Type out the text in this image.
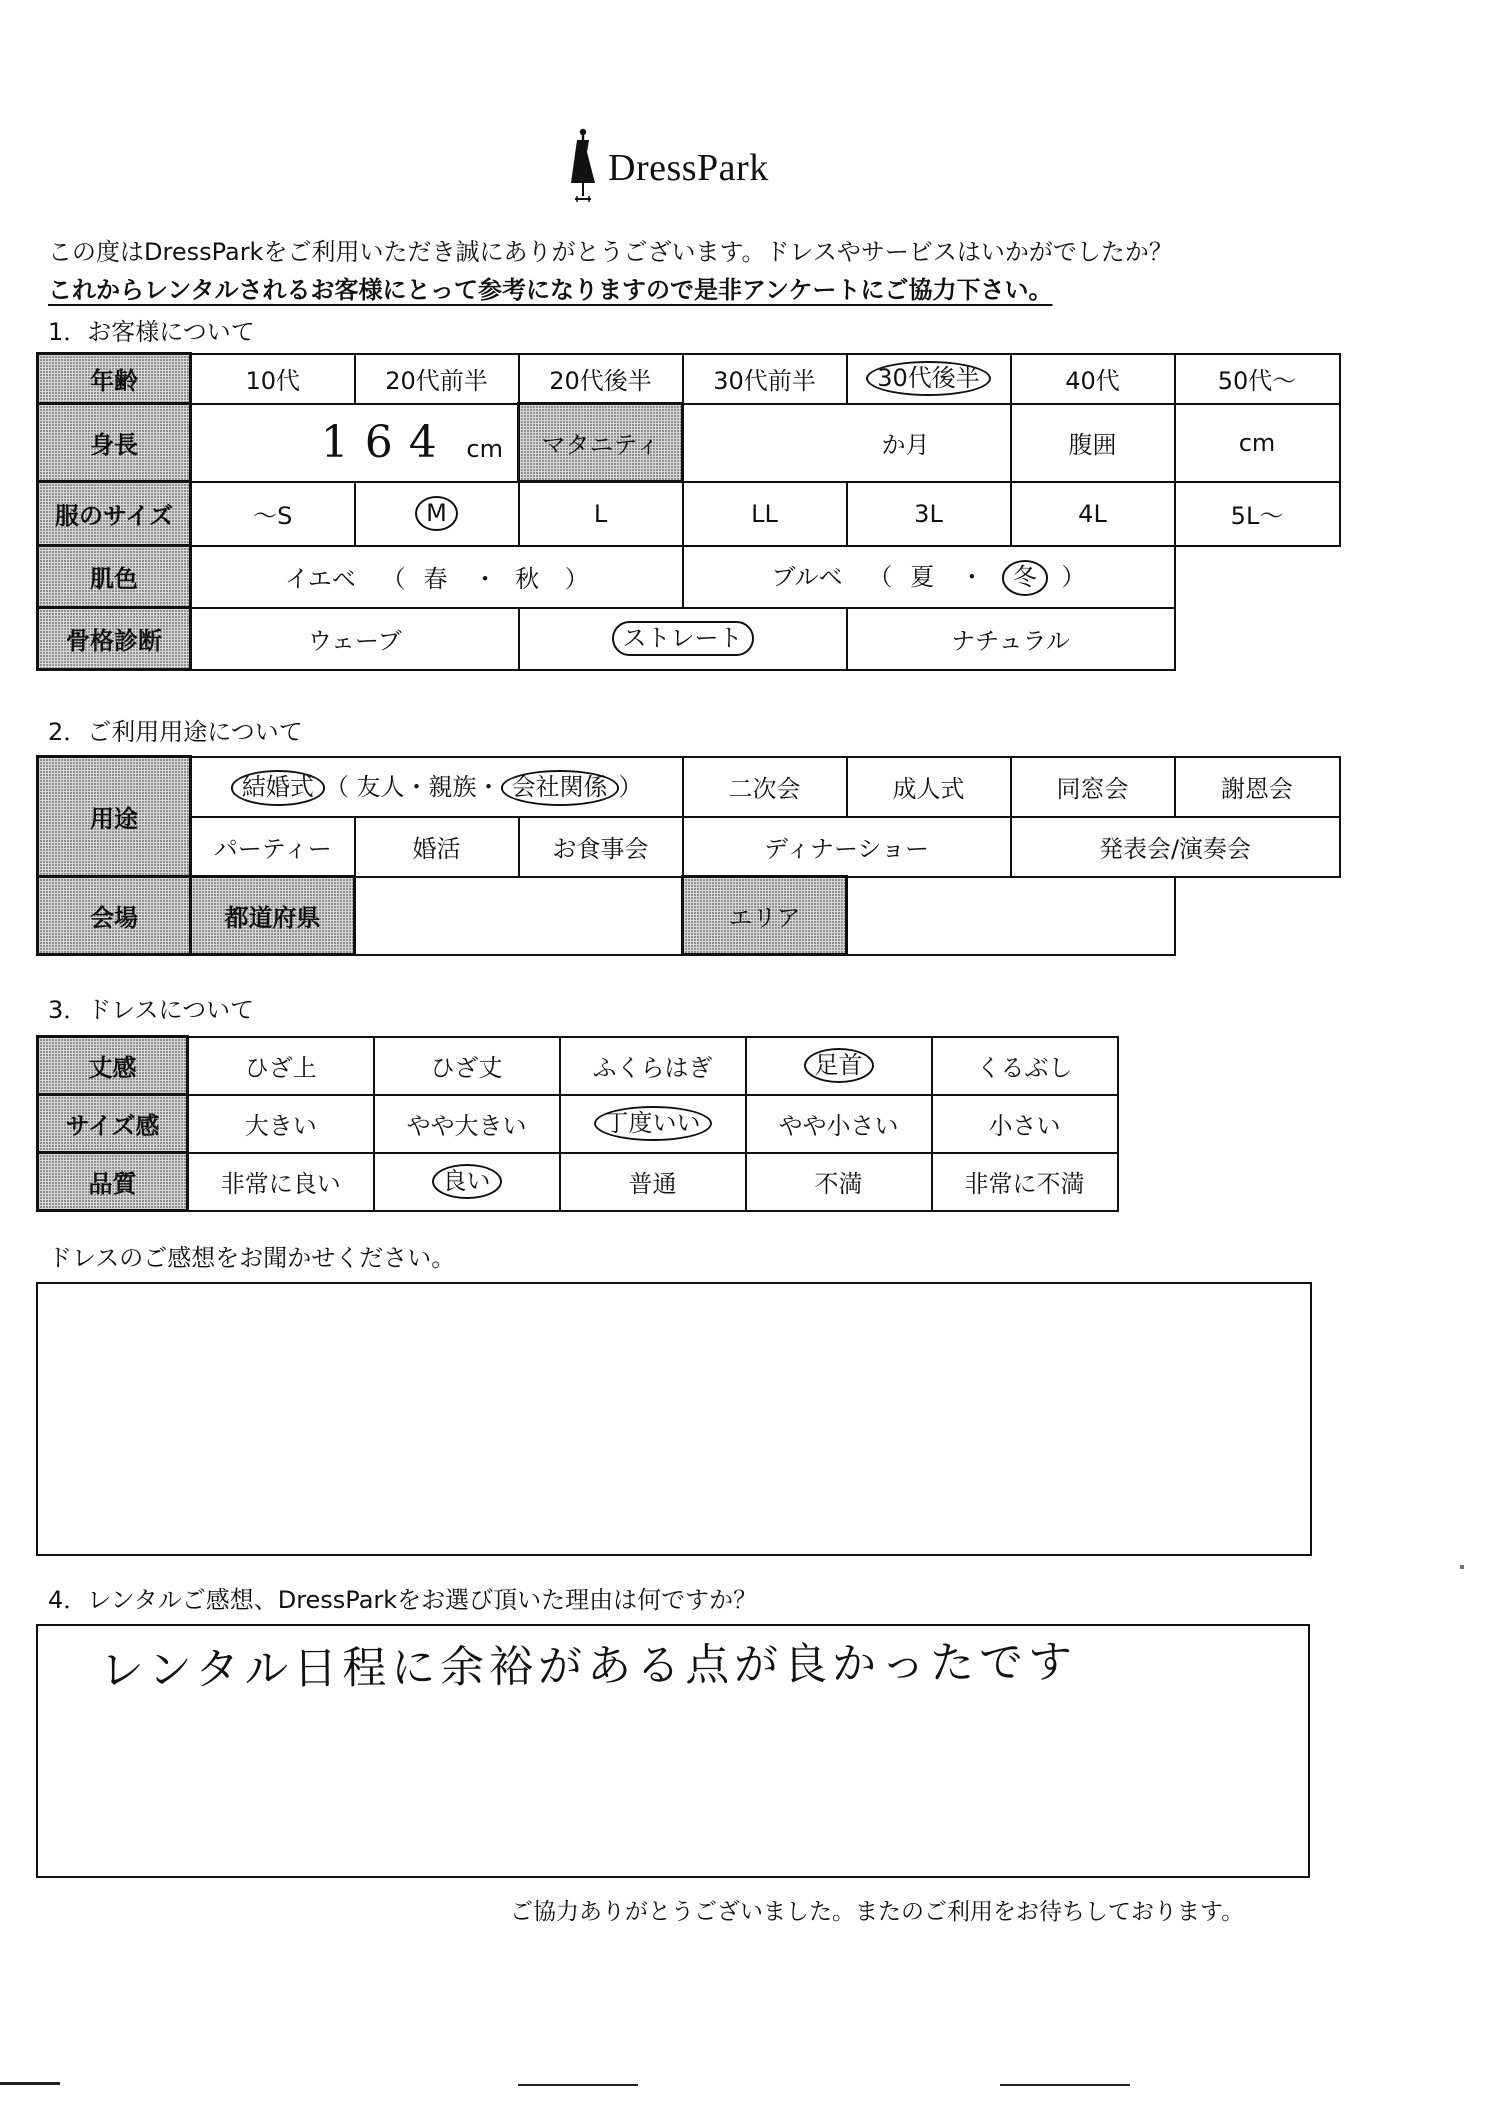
DressPark
この度はDressParkをご利用いただき誠にありがとうございます。ドレスやサービスはいかがでしたか？
これからレンタルされるお客様にとって参考になりますので是非アンケートにご協力下さい。
1．お客様について
年齢	10代	20代前半	20代後半	30代前半	30代後半	40代	50代～
身長	164 cm		マタニティ	か月		腹囲	cm
服のサイズ	～S	M	L	LL	3L	4L	5L～
肌色	イエベ （ 春 ・ 秋 ）			ブルベ （ 夏 ・ 冬 ）			
骨格診断	ウェーブ		ストレート		ナチュラル		
2．ご利用用途について
用途	結婚式 （ 友人・親族・ 会社関係 ）			二次会	成人式	同窓会	謝恩会
	パーティー	婚活	お食事会	ディナーショー		発表会/演奏会	
会場	都道府県			エリア			
3．ドレスについて
丈感	ひざ上	ひざ丈	ふくらはぎ	足首	くるぶし
サイズ感	大きい	やや大きい	丁度いい	やや小さい	小さい
品質	非常に良い	良い	普通	不満	非常に不満
ドレスのご感想をお聞かせください。
4．レンタルご感想、DressParkをお選び頂いた理由は何ですか？
レンタル日程に余裕がある点が良かったです
ご協力ありがとうございました。またのご利用をお待ちしております。
